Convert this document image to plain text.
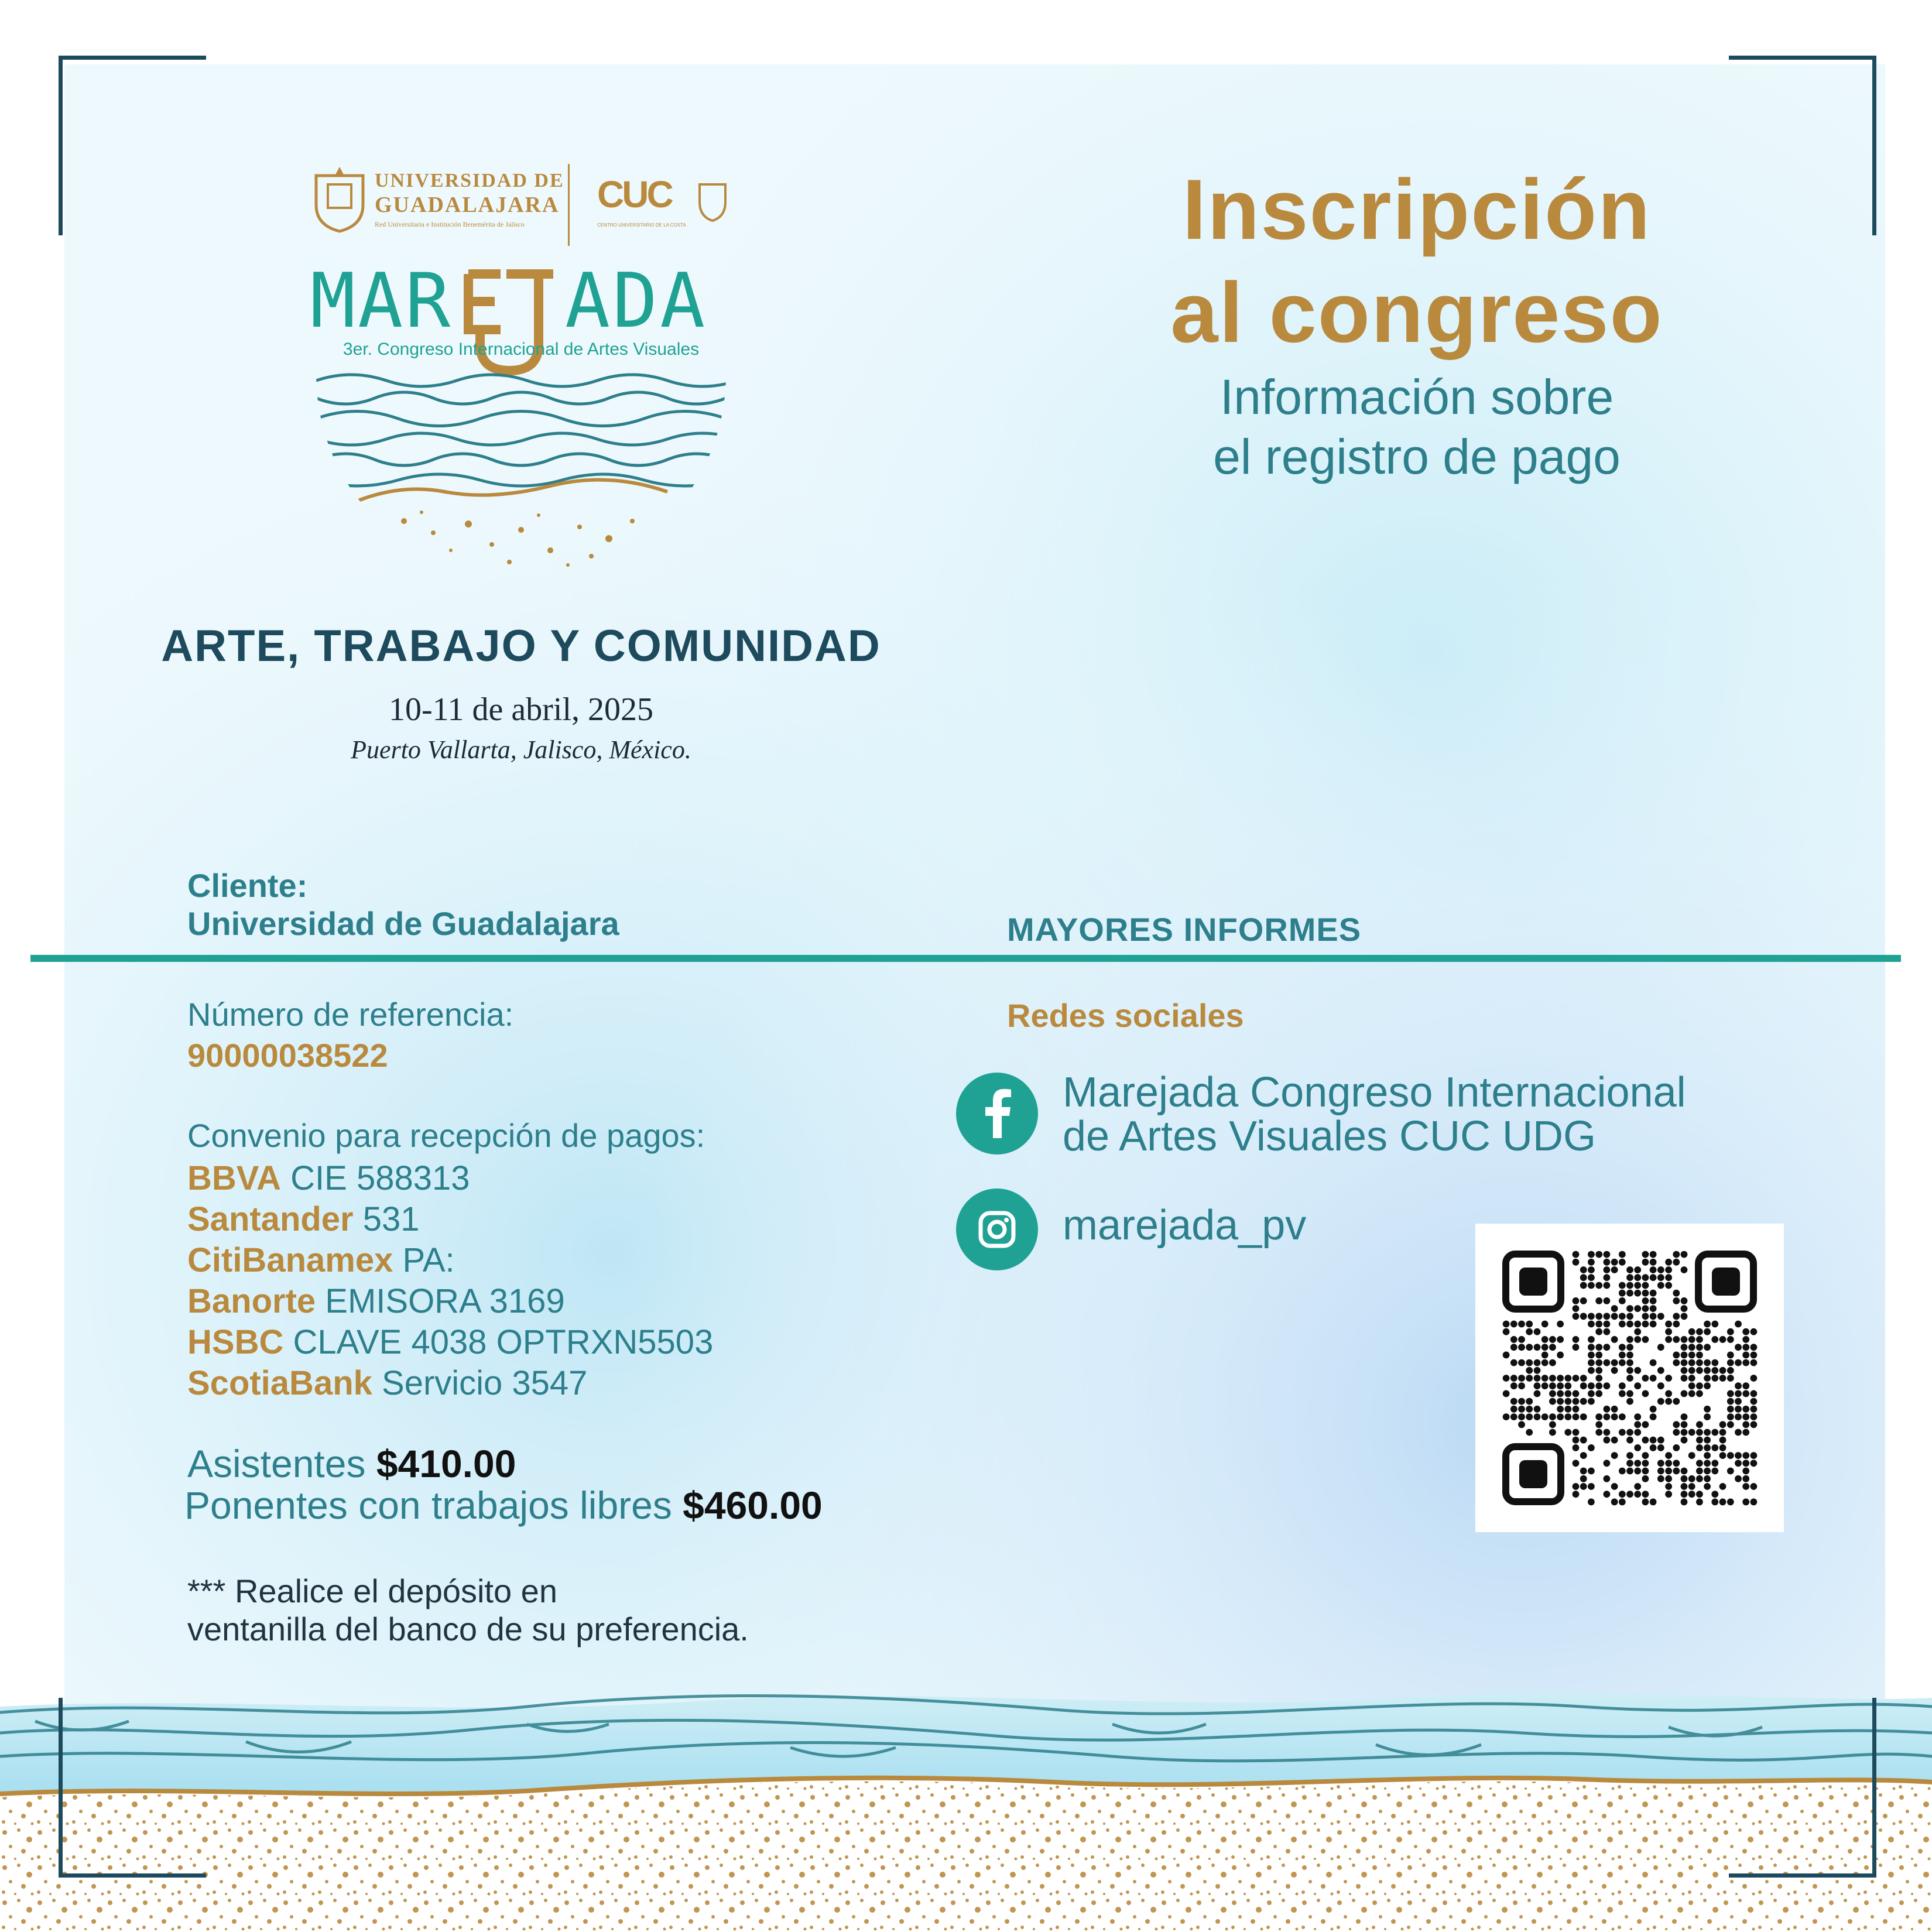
UNIVERSIDAD DE
GUADALAJARA
Red Universitaria e Institución Benemérita de Jalisco
CUC
CENTRO UNIVERSITARIO DE LA COSTA
MAR ADA
3er. Congreso Internacional de Artes Visuales
Inscripción
al congreso
Información sobre
el registro de pago
ARTE, TRABAJO Y COMUNIDAD
10-11 de abril, 2025
Puerto Vallarta, Jalisco, México.
Cliente:
Universidad de Guadalajara	MAYORES INFORMES
Número de referencia:
90000038522
Convenio para recepción de pagos:
BBVA CIE 588313
Santander 531
CitiBanamex PA:
Banorte EMISORA 3169
HSBC CLAVE 4038 OPTRXN5503
ScotiaBank Servicio 3547
Asistentes $410.00
Ponentes con trabajos libres $460.00
*** Realice el depósito en
ventanilla del banco de su preferencia.
Redes sociales
Marejada Congreso Internacional
de Artes Visuales CUC UDG
marejada_pv
